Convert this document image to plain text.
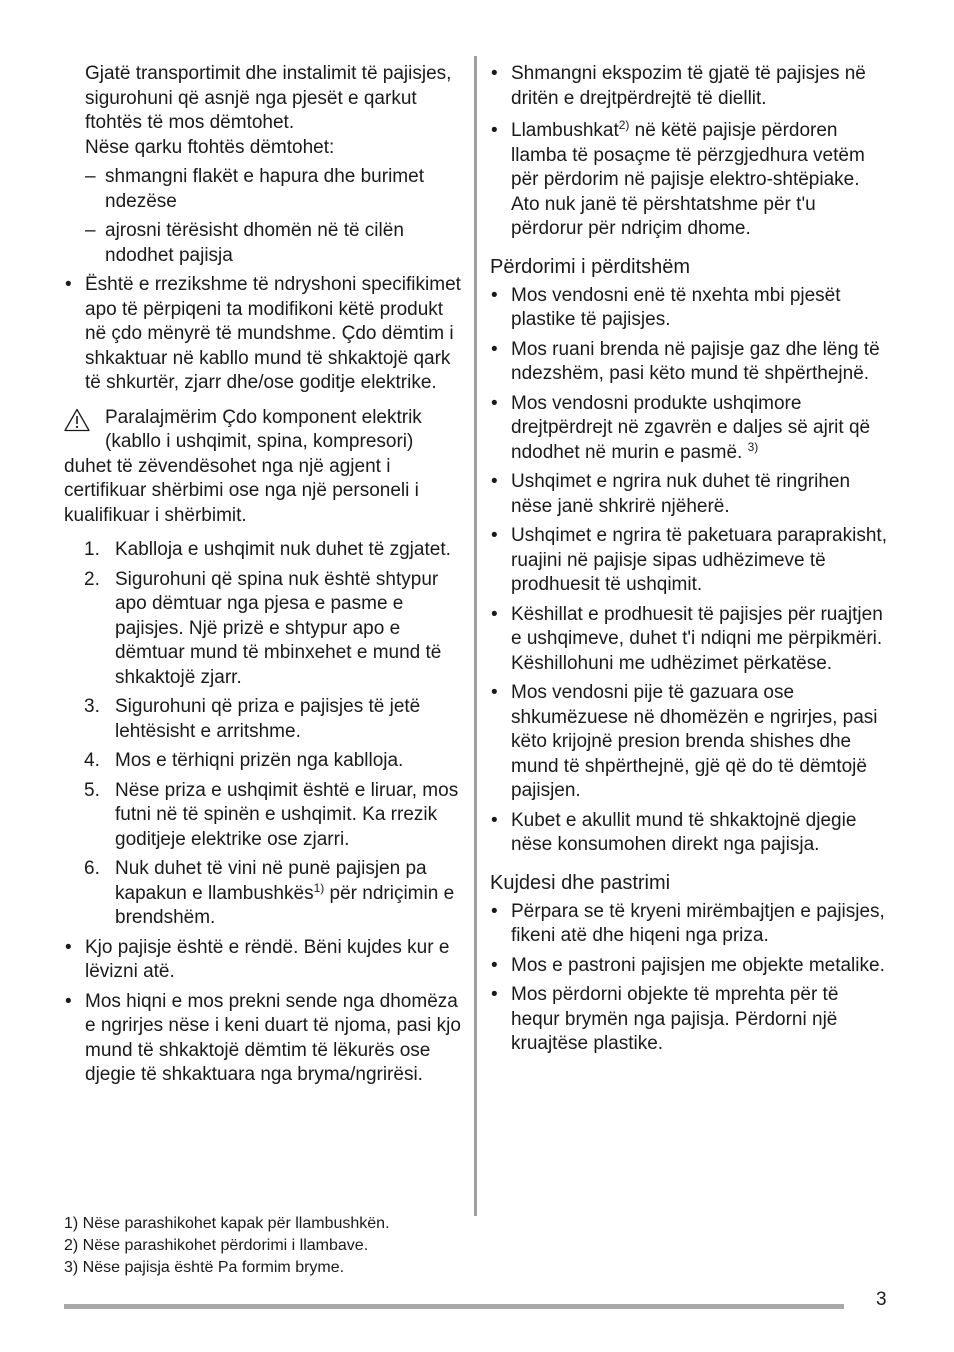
Gjatë transportimit dhe instalimit të pajisjes, sigurohuni që asnjë nga pjesët e qarkut ftohtës të mos dëmtohet.

Nëse qarku ftohtës dëmtohet:

– shmangni flakët e hapura dhe burimet ndezëse
– ajrosni tërësisht dhomën në të cilën ndodhet pajisja
• Është e rrezikshme të ndryshoni specifikimet apo të përpiqeni ta modifikoni këtë produkt në çdo mënyrë të mundshme. Çdo dëmtim i shkaktuar në kabllo mund të shkaktojë qark të shkurtër, zjarr dhe/ose goditje elektrike.
Paralajmërim Çdo komponent elektrik (kabllo i ushqimit, spina, kompresori)

duhet të zëvendësohet nga një agjent i certifikuar shërbimi ose nga një personeli i kualifikuar i shërbimit.

1. Kablloja e ushqimit nuk duhet të zgjatet.
2. Sigurohuni që spina nuk është shtypur apo dëmtuar nga pjesa e pasme e pajisjes. Një prizë e shtypur apo e dëmtuar mund të mbinxehet e mund të shkaktojë zjarr.
3. Sigurohuni që priza e pajisjes të jetë lehtësisht e arritshme.
4. Mos e tërhiqni prizën nga kablloja.
5. Nëse priza e ushqimit është e liruar, mos futni në të spinën e ushqimit. Ka rrezik goditjeje elektrike ose zjarri.
6. Nuk duhet të vini në punë pajisjen pa kapakun e llambushkës$^{1)}$ për ndriçimin e brendshëm.
• Kjo pajisje është e rëndë. Bëni kujdes kur e lëvizni atë.
• Mos hiqni e mos prekni sende nga dhomëza e ngrirjes nëse i keni duart të njoma, pasi kjo mund të shkaktojë dëmtim të lëkurës ose djegie të shkaktuara nga bryma/ngrirësi.
• Shmangni ekspozim të gjatë të pajisjes në dritën e drejtpërdrejtë të diellit.
• Llambushkat$^{2)}$ në këtë pajisje përdoren llamba të posaçme të përzgjedhura vetëm për përdorim në pajisje elektro-shtëpiake. Ato nuk janë të përshtatshme për t'u përdorur për ndriçim dhome.
Përdorimi i përditshëm
• Mos vendosni enë të nxehta mbi pjesët plastike të pajisjes.
• Mos ruani brenda në pajisje gaz dhe lëng të ndezshëm, pasi këto mund të shpërthejnë.
• Mos vendosni produkte ushqimore drejtpërdrejt në zgavrën e daljes së ajrit që ndodhet në murin e pasmë. $^{3)}$
• Ushqimet e ngrira nuk duhet të ringrihen nëse janë shkrirë njëherë.
• Ushqimet e ngrira të paketuara paraprakisht, ruajini në pajisje sipas udhëzimeve të prodhuesit të ushqimit.
• Këshillat e prodhuesit të pajisjes për ruajtjen e ushqimeve, duhet t'i ndiqni me përpikmëri. Këshillohuni me udhëzimet përkatëse.
• Mos vendosni pije të gazuara ose shkumëzuese në dhomëzën e ngrirjes, pasi këto krijojnë presion brenda shishes dhe mund të shpërthejnë, gjë që do të dëmtojë pajisjen.
• Kubet e akullit mund të shkaktojnë djegie nëse konsumohen direkt nga pajisja.
Kujdesi dhe pastrimi
• Përpara se të kryeni mirëmbajtjen e pajisjes, fikeni atë dhe hiqeni nga priza.
• Mos e pastroni pajisjen me objekte metalike.
• Mos përdorni objekte të mprehta për të hequr brymën nga pajisja. Përdorni një kruajtëse plastike.

1) Nëse parashikohet kapak për llambushkën.

2) Nëse parashikohet përdorimi i llambave.

3) Nëse pajisja është Pa formim bryme.

3
